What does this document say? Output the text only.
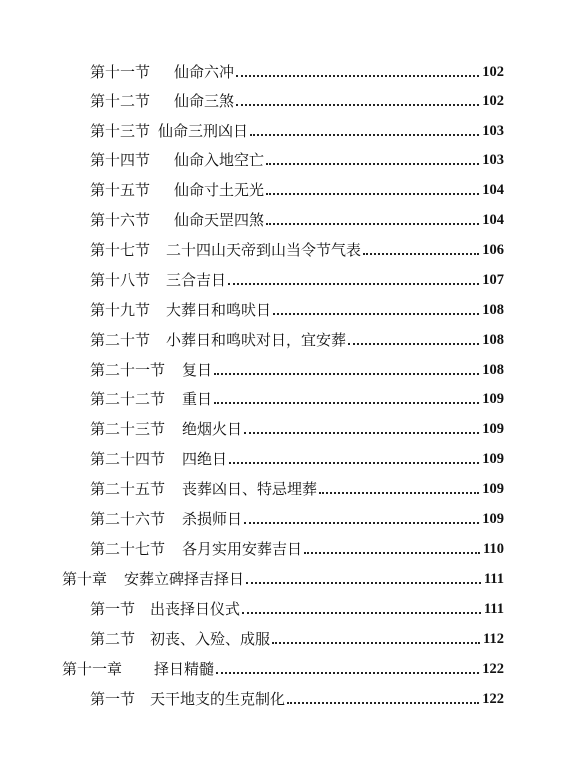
第十一节	仙命六冲	102
第十二节	仙命三煞	102
第十三节 仙命三刑凶日	103
第十四节	仙命入地空亡	103
第十五节	仙命寸土无光	104
第十六节	仙命天罡四煞	104
第十七节	二十四山天帝到山当令节气表	106
第十八节	三合吉日	107
第十九节	大葬日和鸣吠日	108
第二十节	小葬日和鸣吠对日，宜安葬	108
第二十一节	复日	108
第二十二节	重日	109
第二十三节	绝烟火日	109
第二十四节	四绝日	109
第二十五节	丧葬凶日、特忌埋葬	109
第二十六节	杀损师日	109
第二十七节	各月实用安葬吉日	110
第十章	安葬立碑择吉择日	111
第一节 出丧择日仪式	111
第二节 初丧、入殓、成服	112
第十一章	择日精髓	122
第一节 天干地支的生克制化	122
